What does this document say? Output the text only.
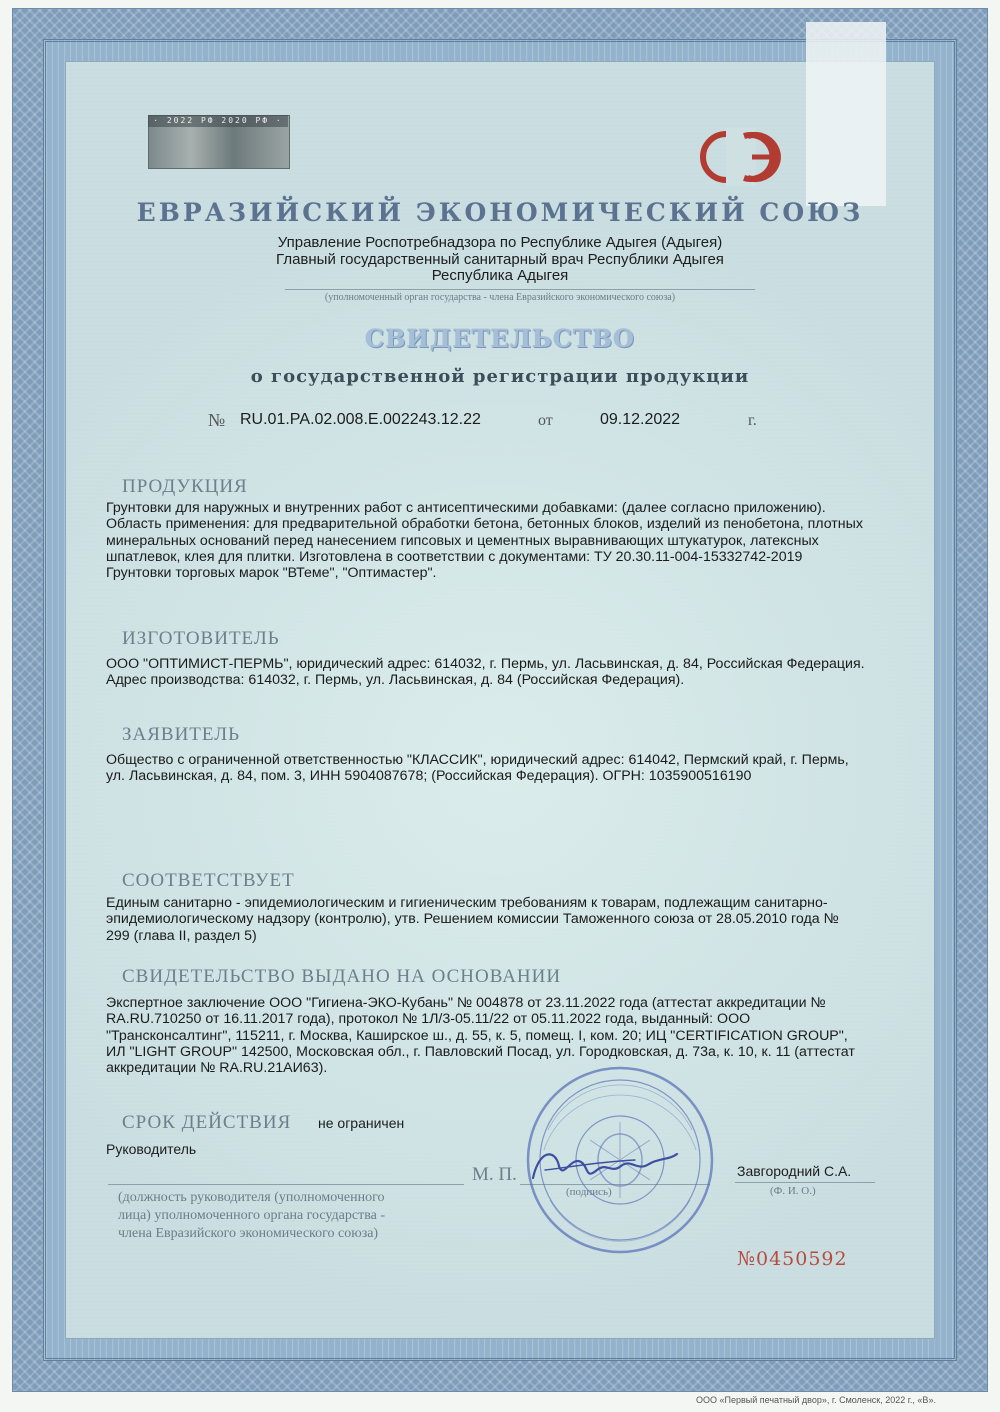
· 2022 РФ 2020 РФ ·
ЕВРАЗИЙСКИЙ ЭКОНОМИЧЕСКИЙ СОЮЗ
Управление Роспотребнадзора по Республике Адыгея (Адыгея)
Главный государственный санитарный врач Республики Адыгея
Республика Адыгея
(уполномоченный орган государства - члена Евразийского экономического союза)
СВИДЕТЕЛЬСТВО
о государственной регистрации продукции
№ RU.01.РА.02.008.Е.002243.12.22	от	09.12.2022	г.
ПРОДУКЦИЯ
Грунтовки для наружных и внутренних работ с антисептическими добавками: (далее согласно приложению). Область применения: для предварительной обработки бетона, бетонных блоков, изделий из пенобетона, плотных минеральных оснований перед нанесением гипсовых и цементных выравнивающих штукатурок, латексных шпатлевок, клея для плитки. Изготовлена в соответствии с документами: ТУ 20.30.11-004-15332742-2019 Грунтовки торговых марок "ВТеме", "Оптимастер".
ИЗГОТОВИТЕЛЬ
ООО "ОПТИМИСТ-ПЕРМЬ", юридический адрес: 614032, г. Пермь, ул. Ласьвинская, д. 84, Российская Федерация. Адрес производства: 614032, г. Пермь, ул. Ласьвинская, д. 84 (Российская Федерация).
ЗАЯВИТЕЛЬ
Общество с ограниченной ответственностью "КЛАССИК", юридический адрес: 614042, Пермский край, г. Пермь, ул. Ласьвинская, д. 84, пом. 3, ИНН 5904087678; (Российская Федерация). ОГРН: 1035900516190
СООТВЕТСТВУЕТ
Единым санитарно - эпидемиологическим и гигиеническим требованиям к товарам, подлежащим санитарно-эпидемиологическому надзору (контролю), утв. Решением комиссии Таможенного союза от 28.05.2010 года № 299 (глава II, раздел 5)
СВИДЕТЕЛЬСТВО ВЫДАНО НА ОСНОВАНИИ
Экспертное заключение ООО "Гигиена-ЭКО-Кубань" № 004878 от 23.11.2022 года (аттестат аккредитации № RA.RU.710250 от 16.11.2017 года), протокол № 1Л/3-05.11/22 от 05.11.2022 года, выданный: ООО "Трансконсалтинг", 115211, г. Москва, Каширское ш., д. 55, к. 5, помещ. I, ком. 20; ИЦ "CERTIFICATION GROUP", ИЛ "LIGHT GROUP" 142500, Московская обл., г. Павловский Посад, ул. Городковская, д. 73а, к. 10, к. 11 (аттестат аккредитации № RA.RU.21АИ63).
СРОК ДЕЙСТВИЯ не ограничен
Руководитель
М. П.
(подпись)
Завгородний С.А.
(Ф. И. О.)
(должность руководителя (уполномоченного
лица) уполномоченного органа государства -
члена Евразийского экономического союза)
№0450592
ООО «Первый печатный двор», г. Смоленск, 2022 г., «В».
